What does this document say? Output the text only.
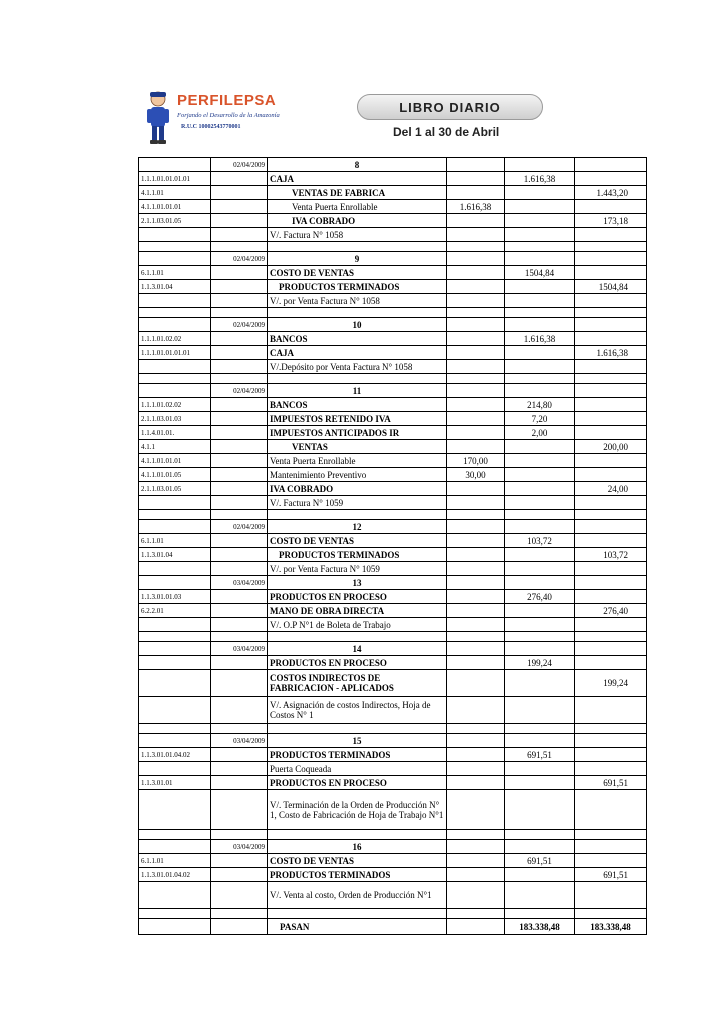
PERFILEPSA
Forjando el Desarrollo de la Amazonía
R.U.C 10002543770001
LIBRO DIARIO
Del 1 al 30 de Abril
	02/04/2009	8			
1.1.1.01.01.01.01		CAJA		1.616,38	
4.1.1.01		VENTAS DE FABRICA			1.443,20
4.1.1.01.01.01		Venta Puerta Enrollable	1.616,38		
2.1.1.03.01.05		IVA COBRADO			173,18
		V/. Factura N° 1058			

	02/04/2009	9			
6.1.1.01		COSTO DE VENTAS		1504,84	
1.1.3.01.04		PRODUCTOS TERMINADOS			1504,84
		V/. por Venta Factura N° 1058			

	02/04/2009	10			
1.1.1.01.02.02		BANCOS		1.616,38	
1.1.1.01.01.01.01		CAJA			1.616,38
		V/.Depósito por Venta Factura N° 1058			

	02/04/2009	11			
1.1.1.01.02.02		BANCOS		214,80	
2.1.1.03.01.03		IMPUESTOS RETENIDO IVA		7,20	
1.1.4.01.01.		IMPUESTOS ANTICIPADOS IR		2,00	
4.1.1		VENTAS			200,00
4.1.1.01.01.01		Venta Puerta Enrollable	170,00		
4.1.1.01.01.05		Mantenimiento Preventivo	30,00		
2.1.1.03.01.05		IVA COBRADO			24,00
		V/. Factura N° 1059			

	02/04/2009	12			
6.1.1.01		COSTO DE VENTAS		103,72	
1.1.3.01.04		PRODUCTOS TERMINADOS			103,72
		V/. por Venta Factura N° 1059			
	03/04/2009	13			
1.1.3.01.01.03		PRODUCTOS EN PROCESO		276,40	
6.2.2.01		MANO DE OBRA DIRECTA			276,40
		V/. O.P N°1 de Boleta de Trabajo			

	03/04/2009	14			
		PRODUCTOS EN PROCESO		199,24	
		COSTOS INDIRECTOS DE FABRICACION - APLICADOS			199,24
		V/. Asignación de costos Indirectos, Hoja de Costos N° 1			

	03/04/2009	15			
1.1.3.01.01.04.02		PRODUCTOS TERMINADOS		691,51	
		Puerta Coqueada			
1.1.3.01.01		PRODUCTOS EN PROCESO			691,51
		V/. Terminación de la Orden de Producción N° 1, Costo de Fabricación de Hoja de Trabajo N°1			

	03/04/2009	16			
6.1.1.01		COSTO DE VENTAS		691,51	
1.1.3.01.01.04.02		PRODUCTOS TERMINADOS			691,51
		V/. Venta al costo, Orden de Producción N°1			

		PASAN		183.338,48	183.338,48
